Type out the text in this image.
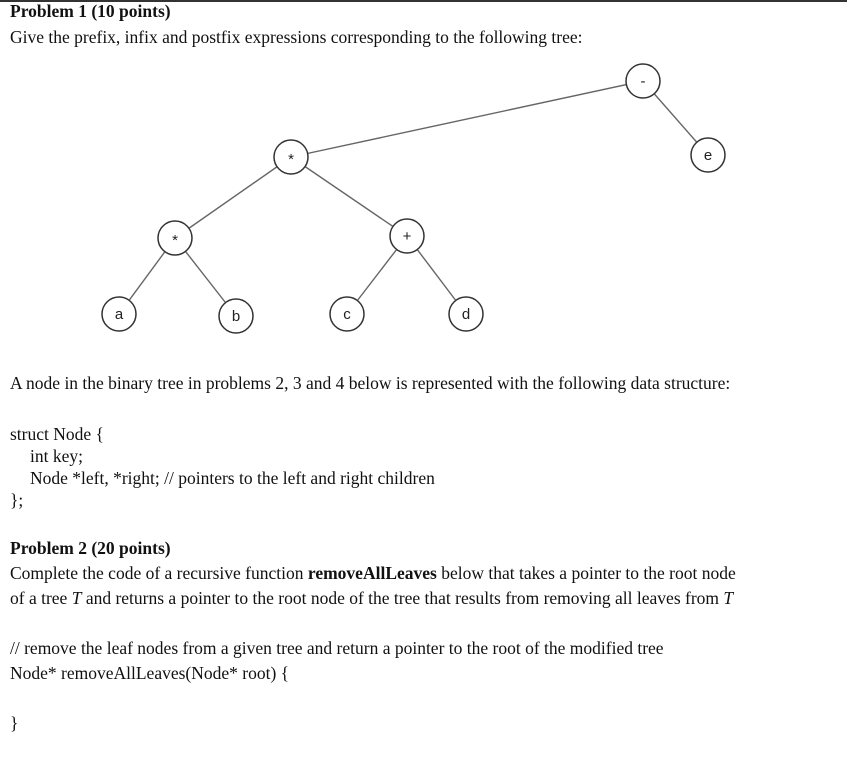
Problem 1 (10 points)
Give the prefix, infix and postfix expressions corresponding to the following tree:
-
e
*
*	+
a	b	c	d
A node in the binary tree in problems 2, 3 and 4 below is represented with the following data structure:
struct Node {
int key;
Node *left, *right; // pointers to the left and right children
};
Problem 2 (20 points)
Complete the code of a recursive function removeAllLeaves below that takes a pointer to the root node
of a tree T and returns a pointer to the root node of the tree that results from removing all leaves from T
// remove the leaf nodes from a given tree and return a pointer to the root of the modified tree
Node* removeAllLeaves(Node* root) {
}
